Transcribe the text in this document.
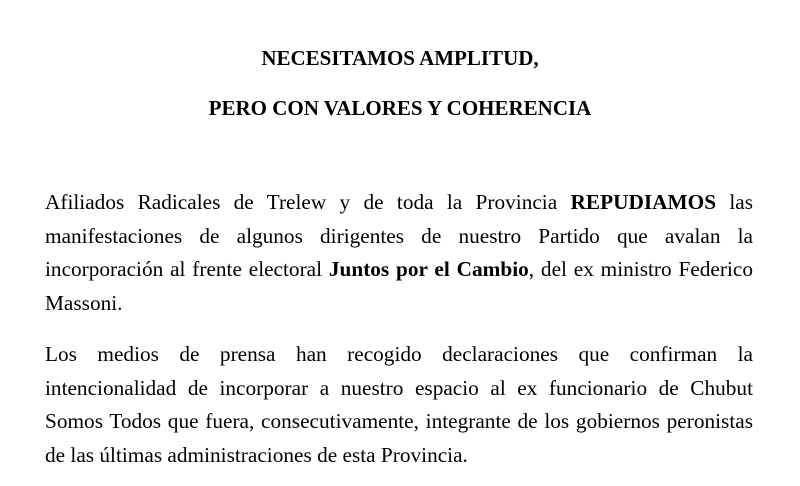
NECESITAMOS AMPLITUD,

PERO CON VALORES Y COHERENCIA

Afiliados Radicales de Trelew y de toda la Provincia REPUDIAMOS las manifestaciones de algunos dirigentes de nuestro Partido que avalan la incorporación al frente electoral Juntos por el Cambio, del ex ministro Federico Massoni.

Los medios de prensa han recogido declaraciones que confirman la intencionalidad de incorporar a nuestro espacio al ex funcionario de Chubut Somos Todos que fuera, consecutivamente, integrante de los gobiernos peronistas de las últimas administraciones de esta Provincia.
